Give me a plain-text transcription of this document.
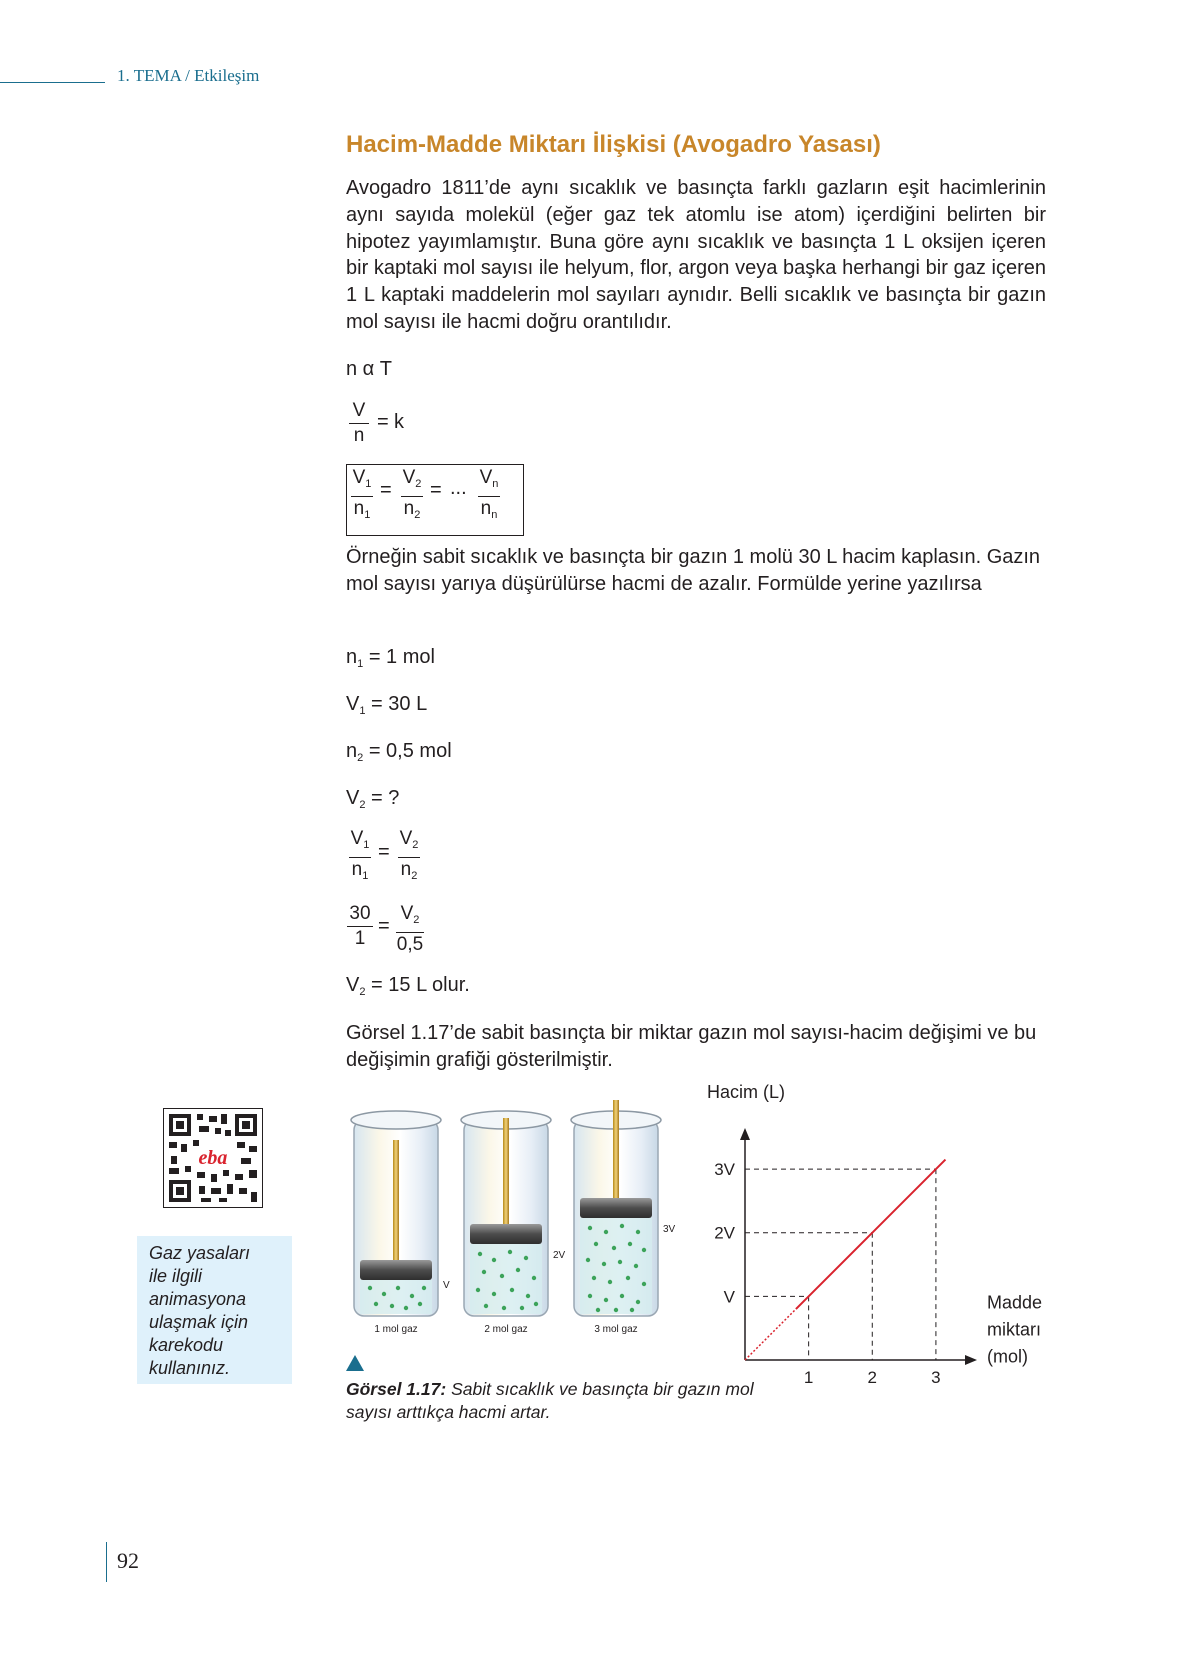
1. TEMA / Etkileşim
Hacim-Madde Miktarı İlişkisi (Avogadro Yasası)
Avogadro 1811’de aynı sıcaklık ve basınçta farklı gazların eşit hacimlerinin aynı sayıda molekül (eğer gaz tek atomlu ise atom) içerdiğini belirten bir hipotez yayımlamıştır. Buna göre aynı sıcaklık ve basınçta 1 L oksijen içeren bir kaptaki mol sayısı ile helyum, flor, argon veya başka herhangi bir gaz içeren 1 L kaptaki maddelerin mol sayıları aynıdır. Belli sıcaklık ve basınçta bir gazın mol sayısı ile hacmi doğru orantılıdır.
n α T
V
n
= k
$V_1$
$n_1$
=
$V_2$
$n_2$
= ... $V_n$
$n_n$
Örneğin sabit sıcaklık ve basınçta bir gazın 1 molü 30 L hacim kaplasın. Gazın mol sayısı yarıya düşürülürse hacmi de azalır. Formülde yerine yazılırsa
$n_1 = 1$ mol
$V_1 = 30$ L
$n_2 = 0,5$ mol
$V_2$ = ?
$V_1$
$n_1$
=
$V_2$
$n_2$
30
1
=
$V_2$
0,5
$V_2 = 15$ L olur.
Görsel 1.17’de sabit basınçta bir miktar gazın mol sayısı-hacim değişimi ve bu değişimin grafiği gösterilmiştir.
eba
Gaz yasaları ile ilgili animasyona ulaşmak için karekodu kullanınız.
V
2V
3V
1 mol gaz	2 mol gaz	3 mol gaz
Görsel 1.17: Sabit sıcaklık ve basınçta bir gazın mol sayısı arttıkça hacmi artar.
V
1
2V
2
3V
3
Hacim (L)
Madde
miktarı
(mol)
92
